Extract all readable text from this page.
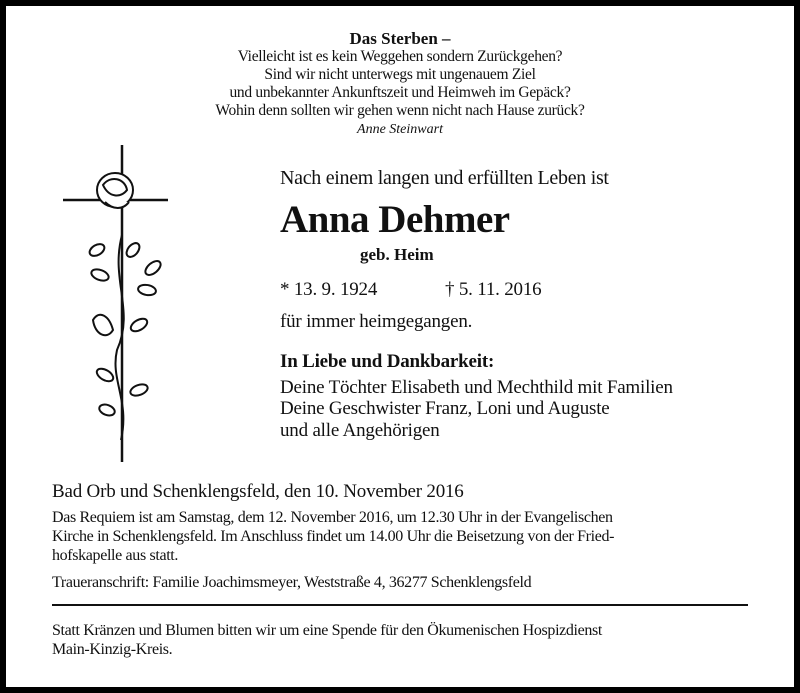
Das Sterben –
Vielleicht ist es kein Weggehen sondern Zurückgehen?
Sind wir nicht unterwegs mit ungenauem Ziel
und unbekannter Ankunftszeit und Heimweh im Gepäck?
Wohin denn sollten wir gehen wenn nicht nach Hause zurück?
Anne Steinwart
Nach einem langen und erfüllten Leben ist
Anna Dehmer
geb. Heim
* 13. 9. 1924	† 5. 11. 2016
für immer heimgegangen.
In Liebe und Dankbarkeit:
Deine Töchter Elisabeth und Mechthild mit Familien
Deine Geschwister Franz, Loni und Auguste
und alle Angehörigen
Bad Orb und Schenklengsfeld, den 10. November 2016
Das Requiem ist am Samstag, dem 12. November 2016, um 12.30 Uhr in der Evangelischen
Kirche in Schenklengsfeld. Im Anschluss findet um 14.00 Uhr die Beisetzung von der Fried-
hofskapelle aus statt.
Traueranschrift: Familie Joachimsmeyer, Weststraße 4, 36277 Schenklengsfeld
Statt Kränzen und Blumen bitten wir um eine Spende für den Ökumenischen Hospizdienst
Main-Kinzig-Kreis.
